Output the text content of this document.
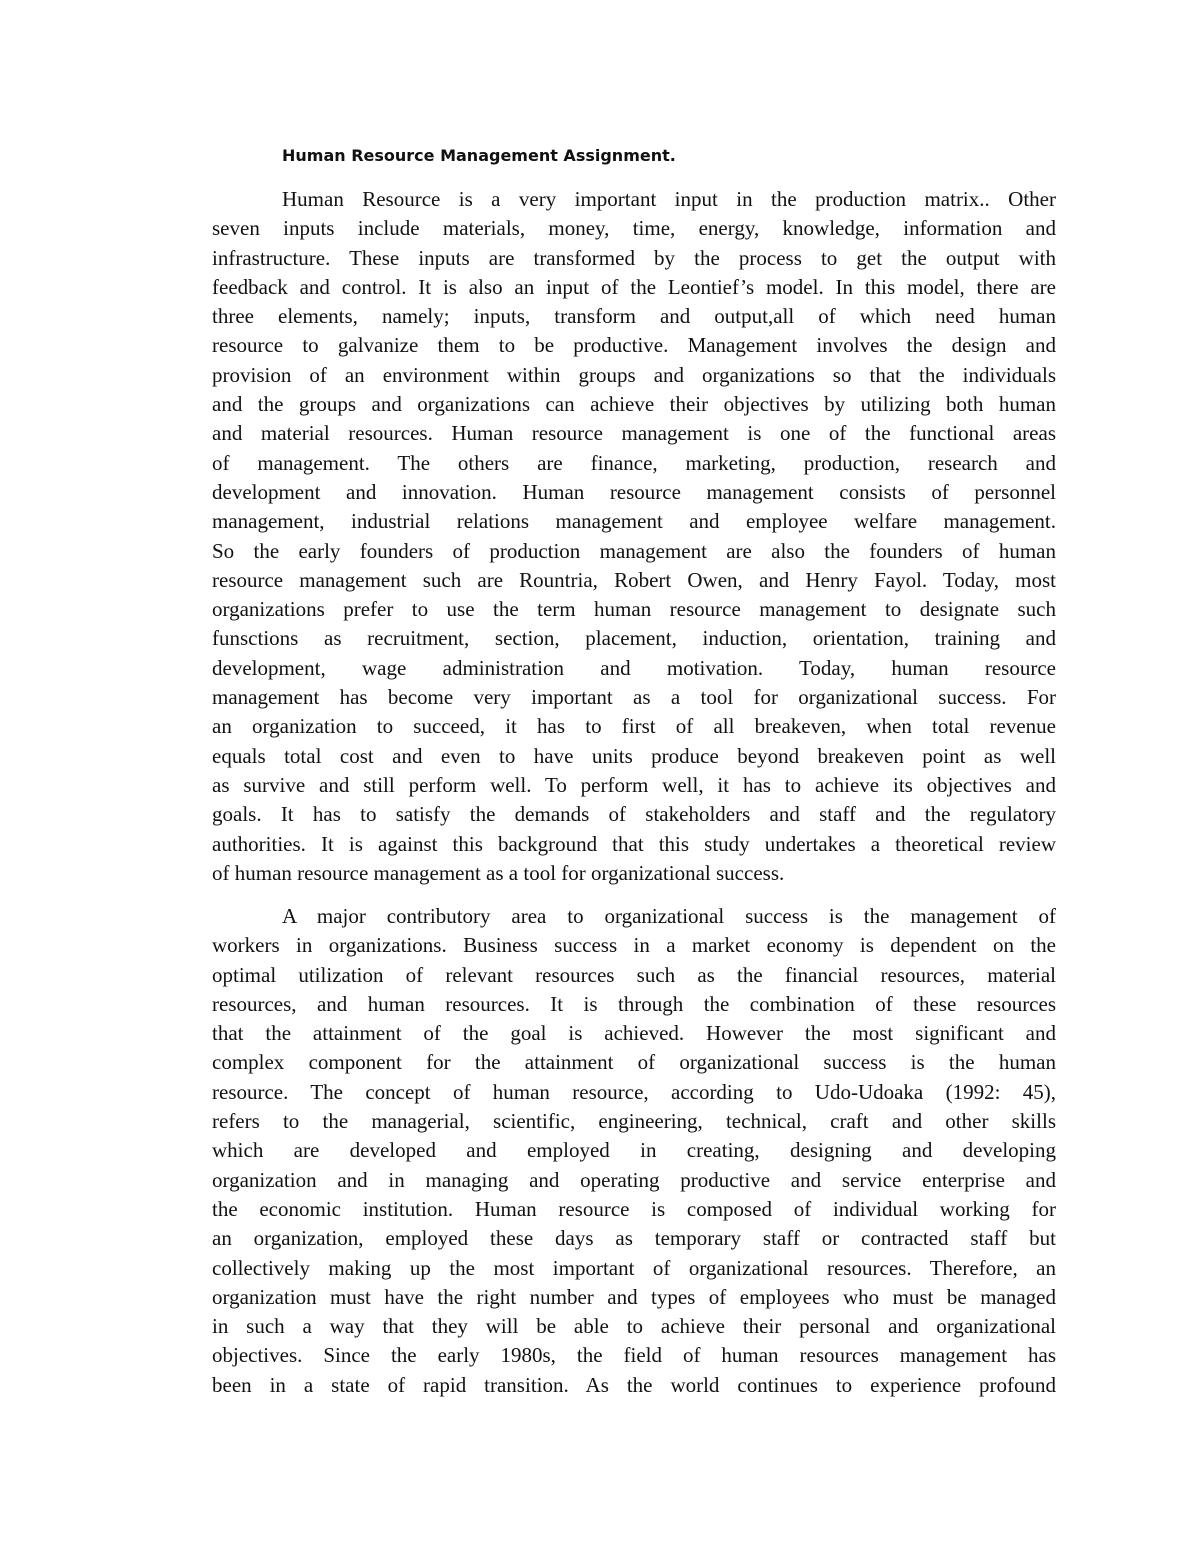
Human Resource Management Assignment.
Human Resource is a very important input in the production matrix.. Other
seven inputs include materials, money, time, energy, knowledge, information and
infrastructure. These inputs are transformed by the process to get the output with
feedback and control. It is also an input of the Leontief’s model. In this model, there are
three elements, namely; inputs, transform and output,all of which need human
resource to galvanize them to be productive. Management involves the design and
provision of an environment within groups and organizations so that the individuals
and the groups and organizations can achieve their objectives by utilizing both human
and material resources. Human resource management is one of the functional areas
of management. The others are finance, marketing, production, research and
development and innovation. Human resource management consists of personnel
management, industrial relations management and employee welfare management.
So the early founders of production management are also the founders of human
resource management such are Rountria, Robert Owen, and Henry Fayol. Today, most
organizations prefer to use the term human resource management to designate such
funsctions as recruitment, section, placement, induction, orientation, training and
development, wage administration and motivation. Today, human resource
management has become very important as a tool for organizational success. For
an organization to succeed, it has to first of all breakeven, when total revenue
equals total cost and even to have units produce beyond breakeven point as well
as survive and still perform well. To perform well, it has to achieve its objectives and
goals. It has to satisfy the demands of stakeholders and staff and the regulatory
authorities. It is against this background that this study undertakes a theoretical review
of human resource management as a tool for organizational success.
A major contributory area to organizational success is the management of
workers in organizations. Business success in a market economy is dependent on the
optimal utilization of relevant resources such as the financial resources, material
resources, and human resources. It is through the combination of these resources
that the attainment of the goal is achieved. However the most significant and
complex component for the attainment of organizational success is the human
resource. The concept of human resource, according to Udo-Udoaka (1992: 45),
refers to the managerial, scientific, engineering, technical, craft and other skills
which are developed and employed in creating, designing and developing
organization and in managing and operating productive and service enterprise and
the economic institution. Human resource is composed of individual working for
an organization, employed these days as temporary staff or contracted staff but
collectively making up the most important of organizational resources. Therefore, an
organization must have the right number and types of employees who must be managed
in such a way that they will be able to achieve their personal and organizational
objectives. Since the early 1980s, the field of human resources management has
been in a state of rapid transition. As the world continues to experience profound
